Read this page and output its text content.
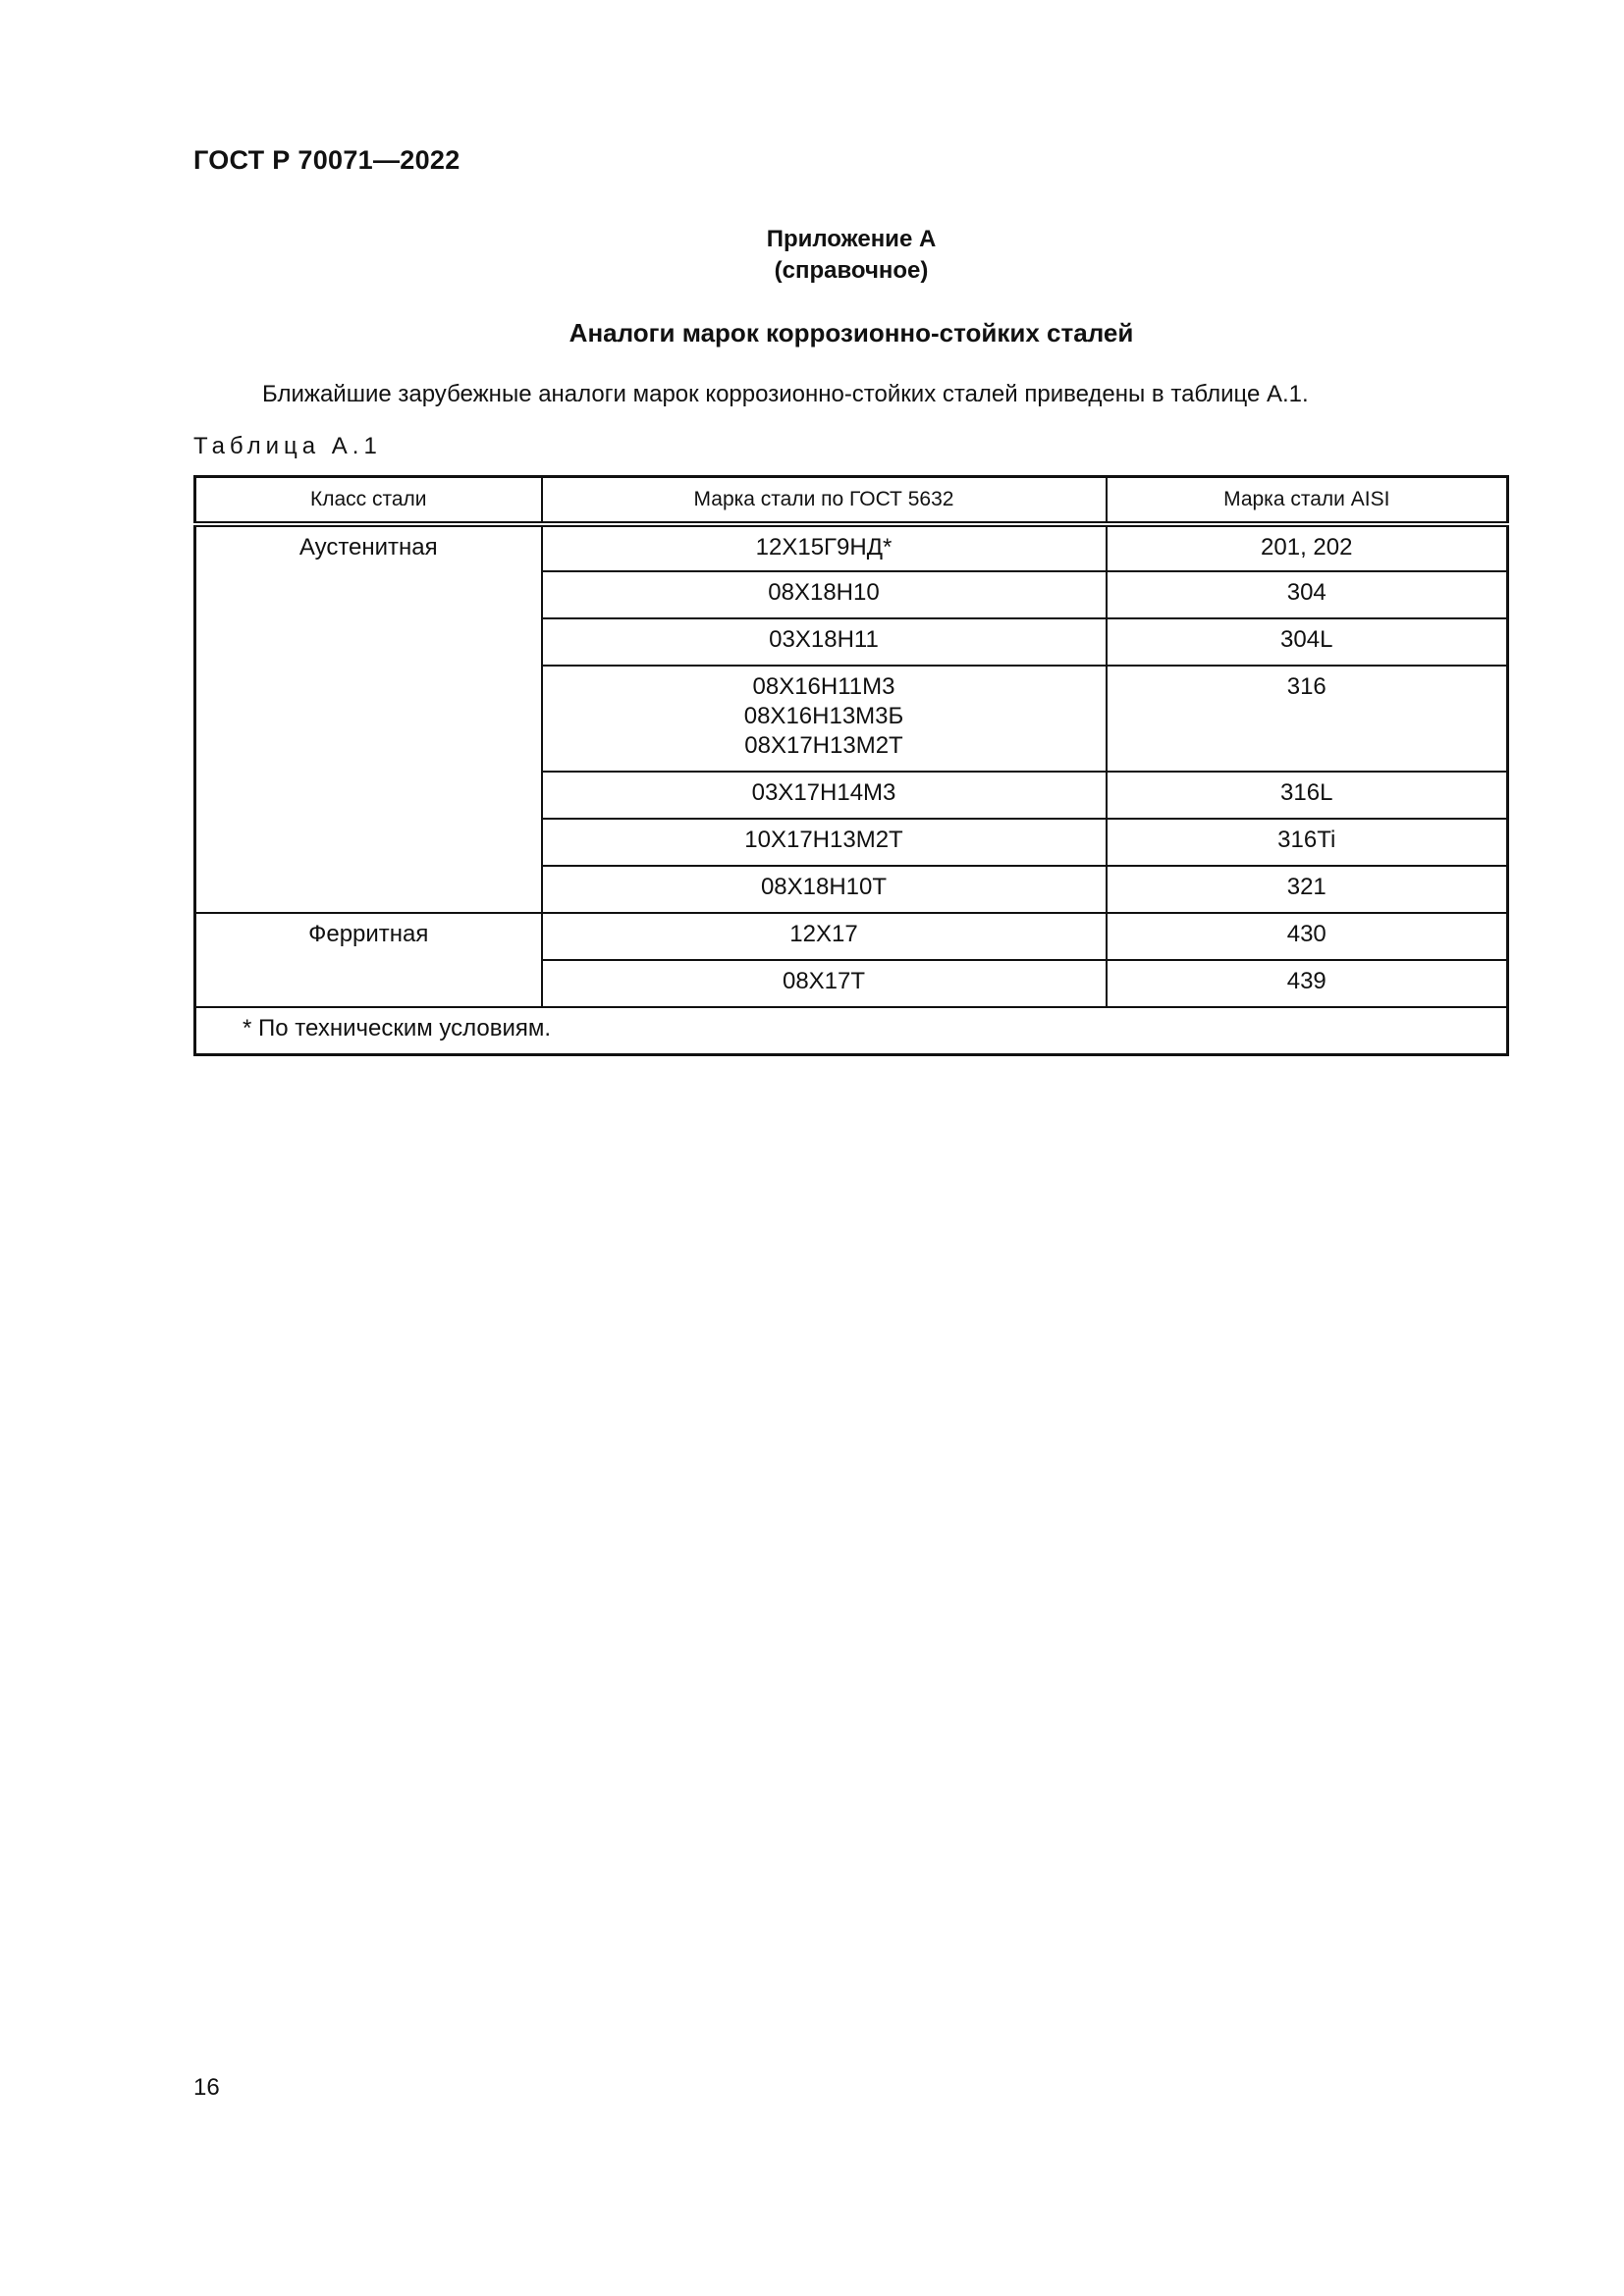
ГОСТ Р 70071—2022
Приложение А
(справочное)
Аналоги марок коррозионно-стойких сталей
Ближайшие зарубежные аналоги марок коррозионно-стойких сталей приведены в таблице А.1.
Таблица А.1
Класс стали	Марка стали по ГОСТ 5632	Марка стали AISI
Аустенитная	12Х15Г9НД*	201, 202
	08Х18Н10	304
	03Х18Н11	304L

	08Х16Н11М3
08Х16Н13М3Б
08Х17Н13М2Т	316
	03Х17Н14М3	316L
	10Х17Н13М2Т	316Ti
	08Х18Н10Т	321
Ферритная	12Х17	430
	08Х17Т	439
* По техническим условиям.		
16
